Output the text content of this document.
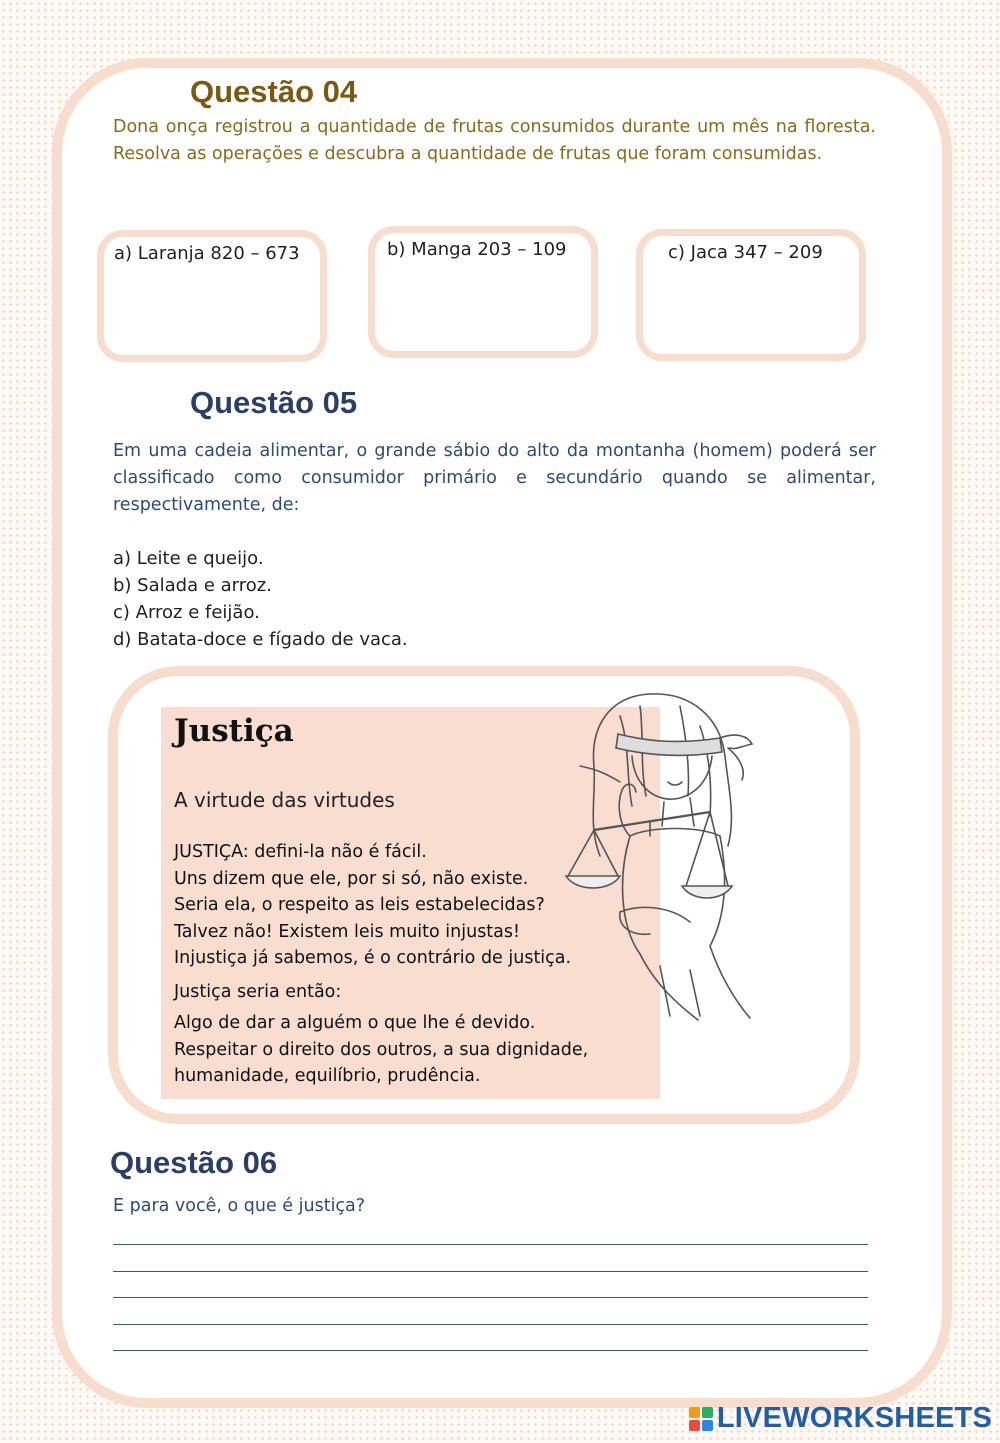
Questão 04

Dona onça registrou a quantidade de frutas consumidos durante um mês na floresta. Resolva as operações e descubra a quantidade de frutas que foram consumidas.

a) Laranja 820 – 673	b) Manga 203 – 109	c) Jaca 347 – 209
Questão 05

Em uma cadeia alimentar, o grande sábio do alto da montanha (homem) poderá ser classificado como consumidor primário e secundário quando se alimentar, respectivamente, de:

a) Leite e queijo.
b) Salada e arroz.
c) Arroz e feijão.
d) Batata-doce e fígado de vaca.
Justiça

A virtude das virtudes

JUSTIÇA: defini-la não é fácil.
Uns dizem que ele, por si só, não existe.
Seria ela, o respeito as leis estabelecidas?
Talvez não! Existem leis muito injustas!
Injustiça já sabemos, é o contrário de justiça.

Justiça seria então:

Algo de dar a alguém o que lhe é devido.
Respeitar o direito dos outros, a sua dignidade,
humanidade, equilíbrio, prudência.
Questão 06

E para você, o que é justiça?

LIVEWORKSHEETS
